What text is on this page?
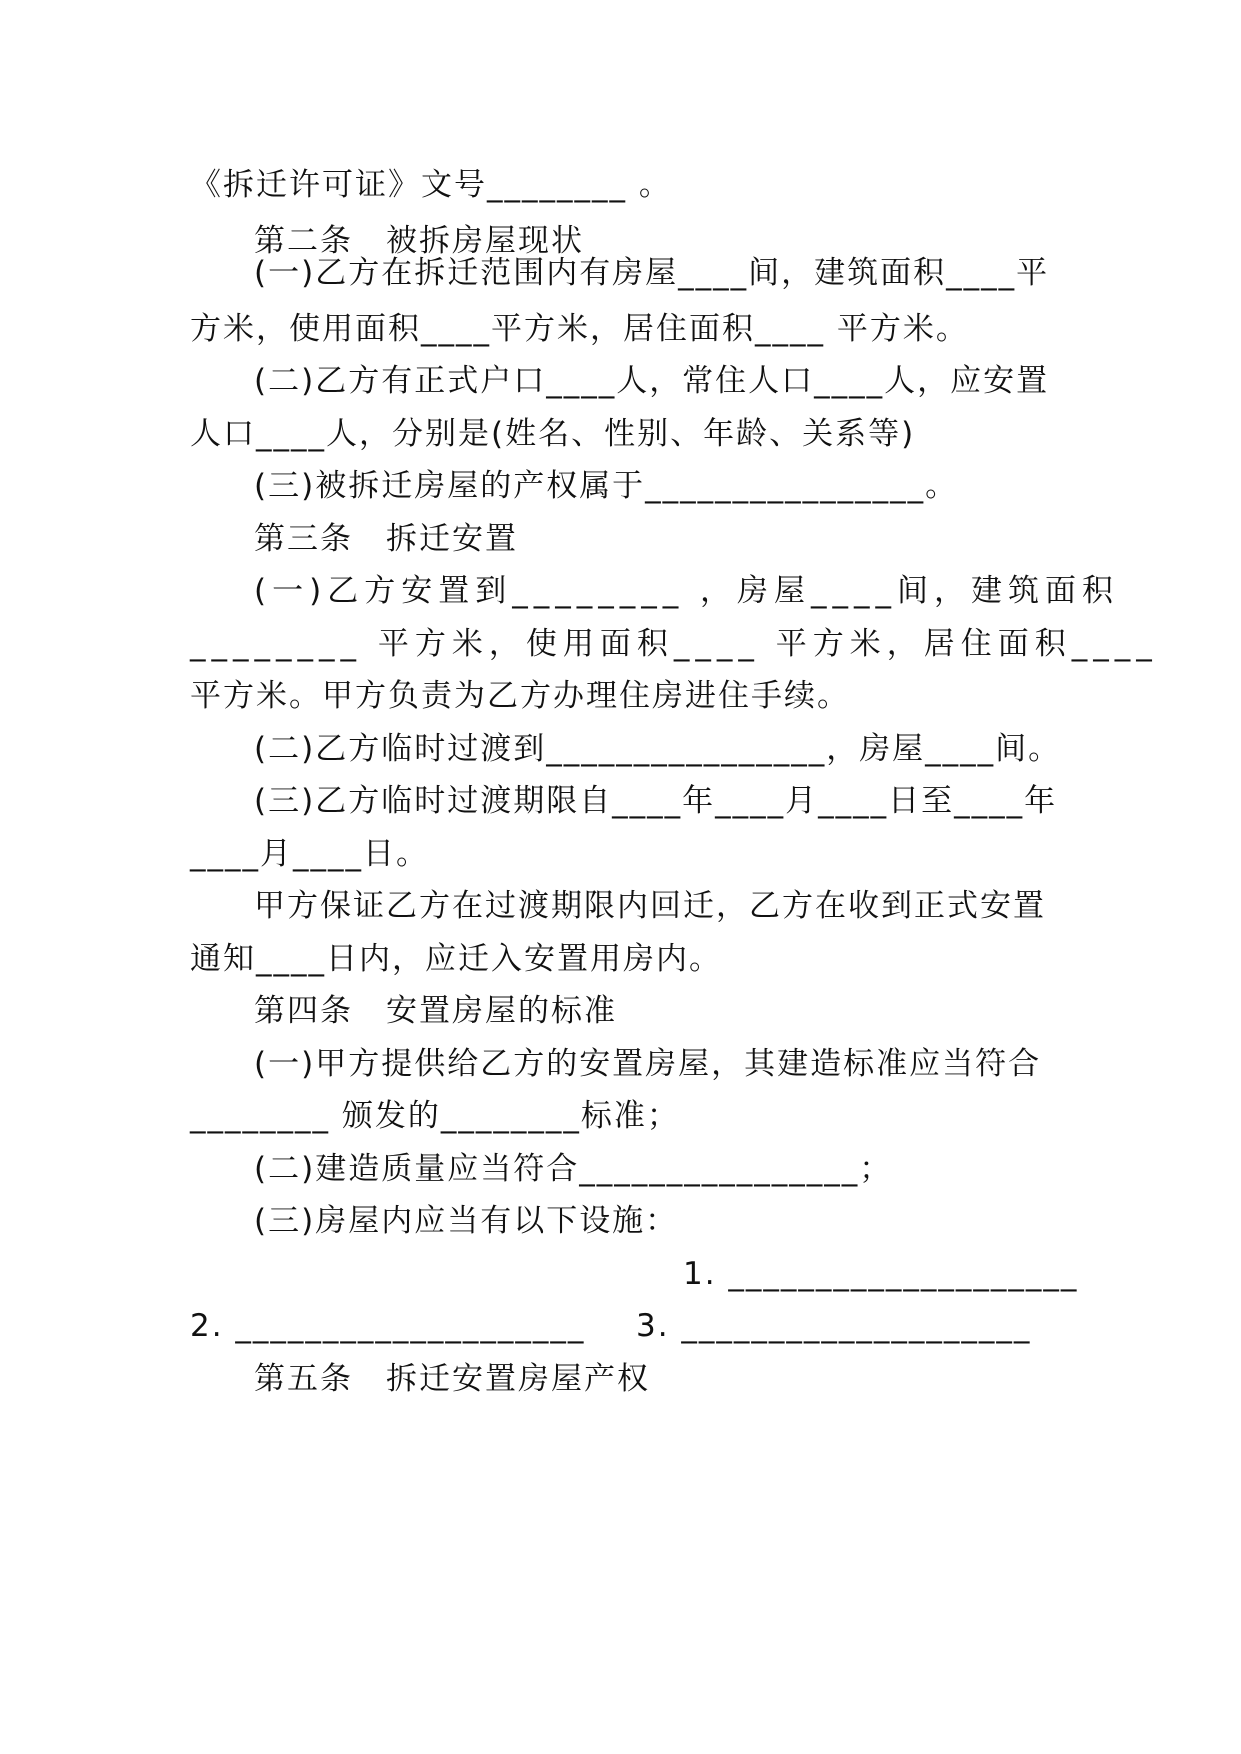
《拆迁许可证》文号________ 。
第二条　被拆房屋现状
(一)乙方在拆迁范围内有房屋____间，建筑面积____平
方米，使用面积____平方米，居住面积____ 平方米。
(二)乙方有正式户口____人，常住人口____人，应安置
人口____人，分别是(姓名、性别、年龄、关系等)
(三)被拆迁房屋的产权属于________________。
第三条　拆迁安置
(一)乙方安置到________ ，房屋____间，建筑面积
________ 平方米，使用面积____ 平方米，居住面积____
平方米。甲方负责为乙方办理住房进住手续。
(二)乙方临时过渡到________________，房屋____间。
(三)乙方临时过渡期限自____年____月____日至____年
____月____日。
甲方保证乙方在过渡期限内回迁，乙方在收到正式安置
通知____日内，应迁入安置用房内。
第四条　安置房屋的标准
(一)甲方提供给乙方的安置房屋，其建造标准应当符合
________ 颁发的________标准；
(二)建造质量应当符合________________；
(三)房屋内应当有以下设施：
1. ____________________
2. ____________________ 3. ____________________
第五条　拆迁安置房屋产权
